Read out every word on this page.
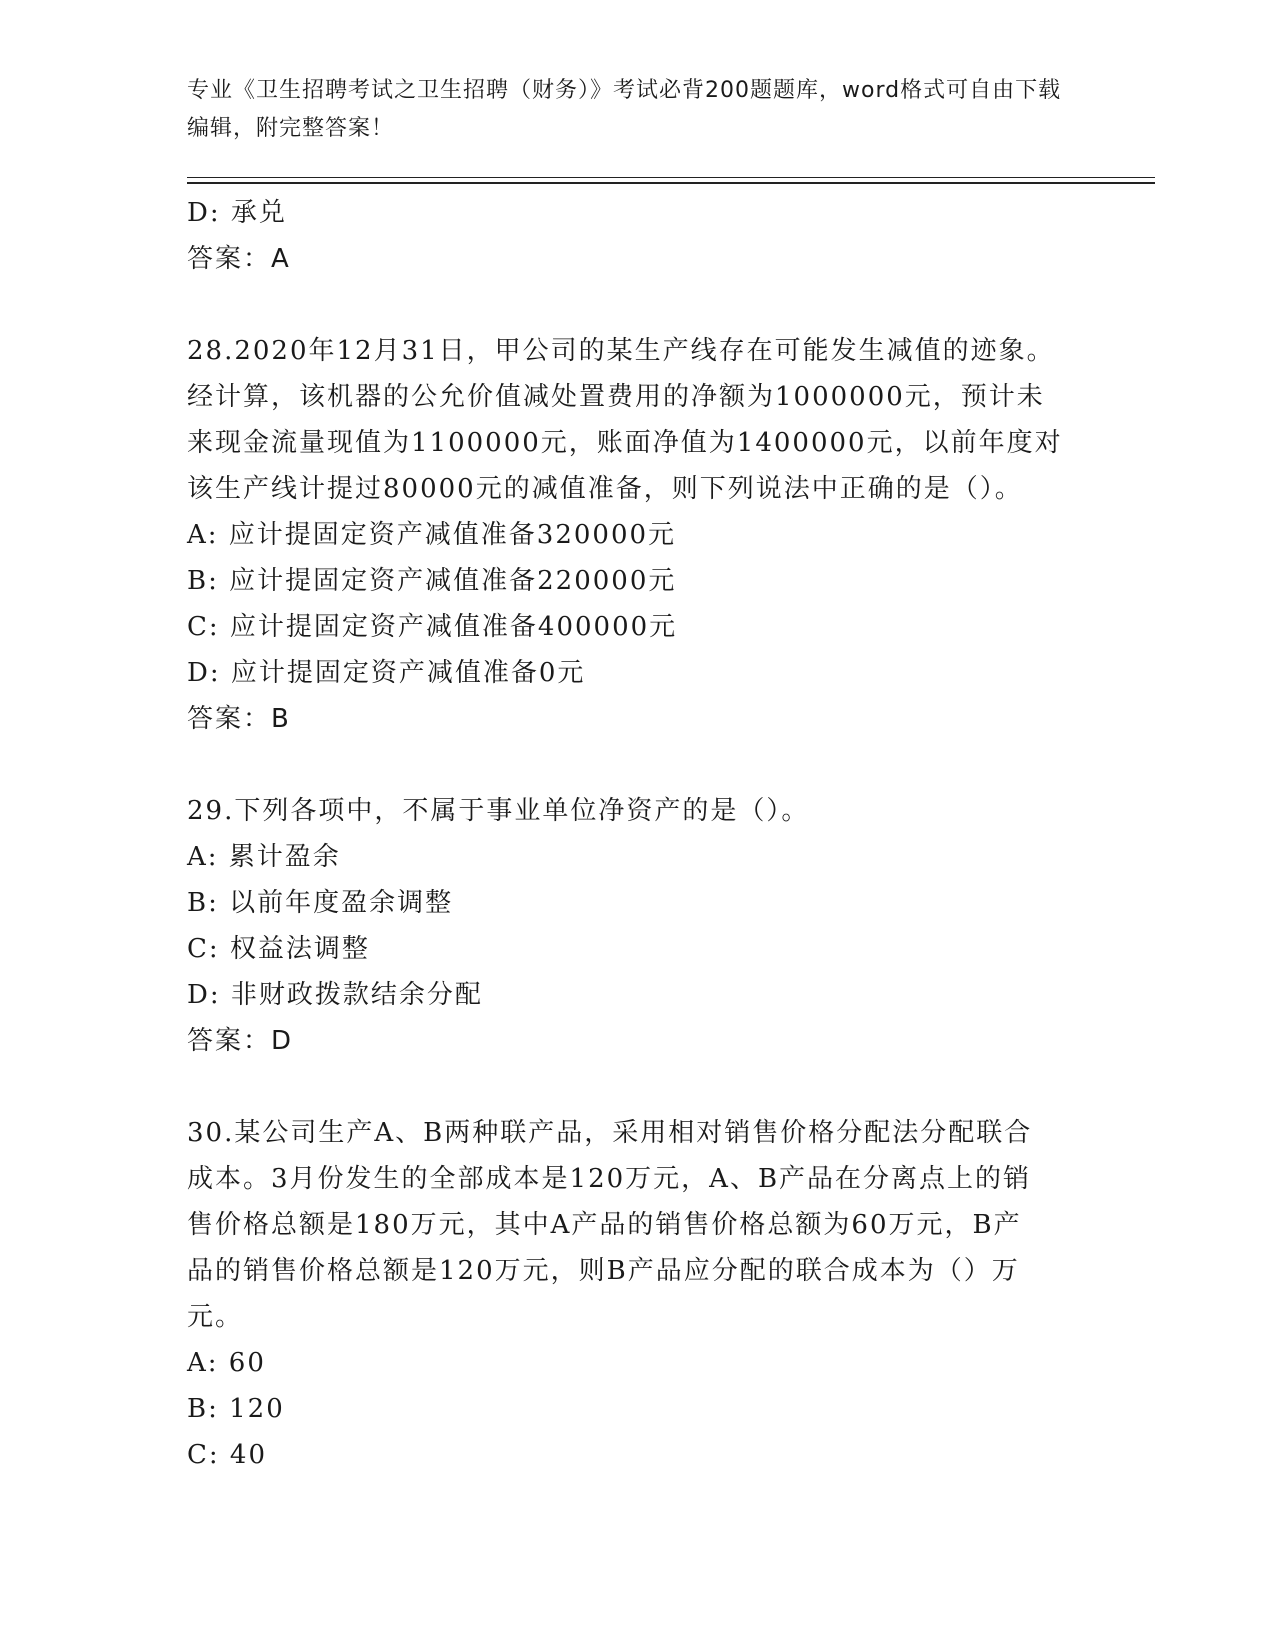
专业《卫生招聘考试之卫生招聘（财务）》考试必背200题题库，word格式可自由下载编辑，附完整答案！
D: 承兑
答案：A
28.2020年12月31日，甲公司的某生产线存在可能发生减值的迹象。
经计算，该机器的公允价值减处置费用的净额为1000000元，预计未
来现金流量现值为1100000元，账面净值为1400000元，以前年度对
该生产线计提过80000元的减值准备，则下列说法中正确的是（）。
A: 应计提固定资产减值准备320000元
B: 应计提固定资产减值准备220000元
C: 应计提固定资产减值准备400000元
D: 应计提固定资产减值准备0元
答案：B
29.下列各项中，不属于事业单位净资产的是（）。
A: 累计盈余
B: 以前年度盈余调整
C: 权益法调整
D: 非财政拨款结余分配
答案：D
30.某公司生产A、B两种联产品，采用相对销售价格分配法分配联合
成本。3月份发生的全部成本是120万元，A、B产品在分离点上的销
售价格总额是180万元，其中A产品的销售价格总额为60万元，B产
品的销售价格总额是120万元，则B产品应分配的联合成本为（）万
元。
A: 60
B: 120
C: 40
